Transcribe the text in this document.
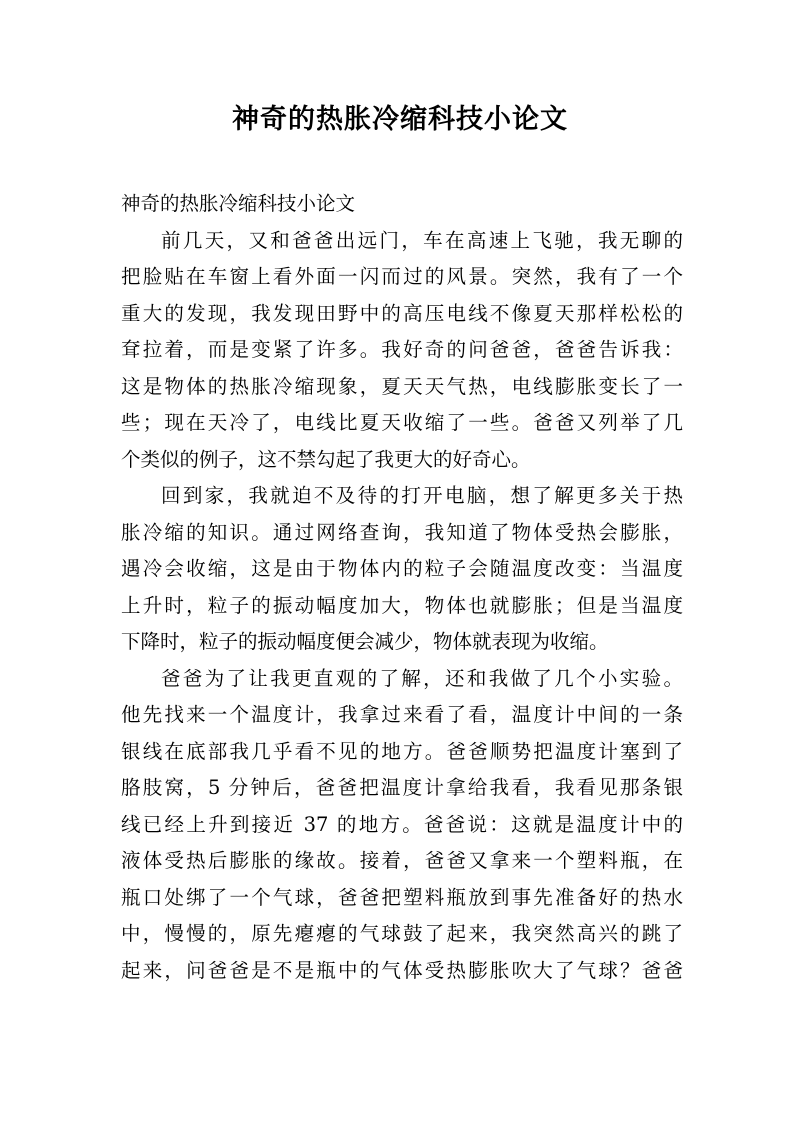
神奇的热胀冷缩科技小论文
神奇的热胀冷缩科技小论文
前几天，又和爸爸出远门，车在高速上飞驰，我无聊的
把脸贴在车窗上看外面一闪而过的风景。突然，我有了一个
重大的发现，我发现田野中的高压电线不像夏天那样松松的
耷拉着，而是变紧了许多。我好奇的问爸爸，爸爸告诉我：
这是物体的热胀冷缩现象，夏天天气热，电线膨胀变长了一
些；现在天冷了，电线比夏天收缩了一些。爸爸又列举了几
个类似的例子，这不禁勾起了我更大的好奇心。
回到家，我就迫不及待的打开电脑，想了解更多关于热
胀冷缩的知识。通过网络查询，我知道了物体受热会膨胀，
遇冷会收缩，这是由于物体内的粒子会随温度改变：当温度
上升时，粒子的振动幅度加大，物体也就膨胀；但是当温度
下降时，粒子的振动幅度便会减少，物体就表现为收缩。
爸爸为了让我更直观的了解，还和我做了几个小实验。
他先找来一个温度计，我拿过来看了看，温度计中间的一条
银线在底部我几乎看不见的地方。爸爸顺势把温度计塞到了
胳肢窝，5 分钟后，爸爸把温度计拿给我看，我看见那条银
线已经上升到接近 37 的地方。爸爸说：这就是温度计中的
液体受热后膨胀的缘故。接着，爸爸又拿来一个塑料瓶，在
瓶口处绑了一个气球，爸爸把塑料瓶放到事先准备好的热水
中，慢慢的，原先瘪瘪的气球鼓了起来，我突然高兴的跳了
起来，问爸爸是不是瓶中的气体受热膨胀吹大了气球？爸爸
